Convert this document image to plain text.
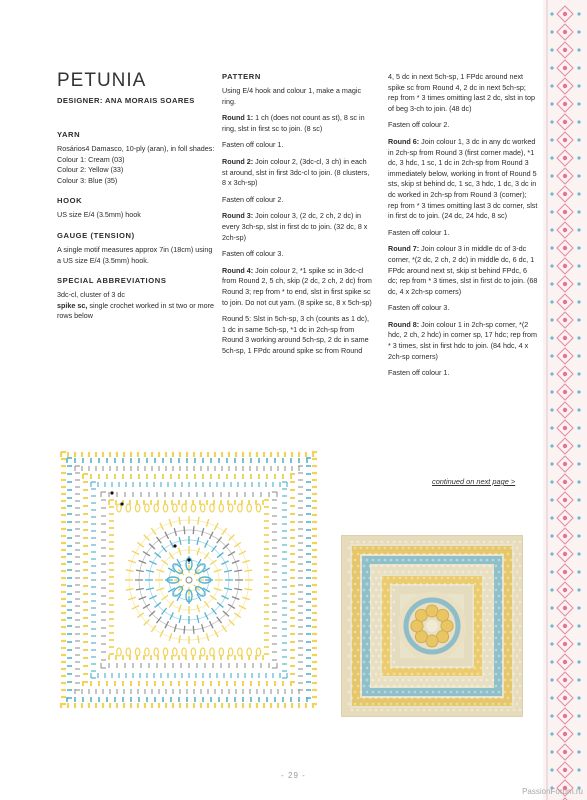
PETUNIA
DESIGNER: ANA MORAIS SOARES
YARN
Rosários4 Damasco, 10-ply (aran), in foll shades:
Colour 1: Cream (03)
Colour 2: Yellow (33)
Colour 3: Blue (35)
HOOK
US size E/4 (3.5mm) hook
GAUGE (TENSION)
A single motif measures approx 7in (18cm) using a US size E/4 (3.5mm) hook.
SPECIAL ABBREVIATIONS
3dc-cl, cluster of 3 dc
spike sc, single crochet worked in st two or more rows below
PATTERN

Using E/4 hook and colour 1, make a magic ring.

Round 1: 1 ch (does not count as st), 8 sc in ring, slst in first sc to join. (8 sc)

Fasten off colour 1.

Round 2: Join colour 2, (3dc-cl, 3 ch) in each st around, slst in first 3dc-cl to join. (8 clusters, 8 x 3ch-sp)

Fasten off colour 2.

Round 3: Join colour 3, (2 dc, 2 ch, 2 dc) in every 3ch-sp, slst in first dc to join. (32 dc, 8 x 2ch-sp)

Fasten off colour 3.

Round 4: Join colour 2, *1 spike sc in 3dc-cl from Round 2, 5 ch, skip (2 dc, 2 ch, 2 dc) from Round 3; rep from * to end, slst in first spike sc to join. Do not cut yarn. (8 spike sc, 8 x 5ch-sp)

Round 5: Slst in 5ch-sp, 3 ch (counts as 1 dc), 1 dc in same 5ch-sp, *1 dc in 2ch-sp from Round 3 working around 5ch-sp, 2 dc in same 5ch-sp, 1 FPdc around spike sc from Round

4, 5 dc in next 5ch-sp, 1 FPdc around next spike sc from Round 4, 2 dc in next 5ch-sp; rep from * 3 times omitting last 2 dc, slst in top of beg 3-ch to join. (48 dc)

Fasten off colour 2.

Round 6: Join colour 1, 3 dc in any dc worked in 2ch-sp from Round 3 (first corner made), *1 dc, 3 hdc, 1 sc, 1 dc in 2ch-sp from Round 3 immediately below, working in front of Round 5 sts, skip st behind dc, 1 sc, 3 hdc, 1 dc, 3 dc in dc worked in 2ch-sp from Round 3 (corner); rep from * 3 times omitting last 3 dc corner, slst in first dc to join. (24 dc, 24 hdc, 8 sc)

Fasten off colour 1.

Round 7: Join colour 3 in middle dc of 3-dc corner, *(2 dc, 2 ch, 2 dc) in middle dc, 6 dc, 1 FPdc around next st, skip st behind FPdc, 6 dc; rep from * 3 times, slst in first dc to join. (68 dc, 4 x 2ch-sp corners)

Fasten off colour 3.

Round 8: Join colour 1 in 2ch-sp corner, *(2 hdc, 2 ch, 2 hdc) in corner sp, 17 hdc; rep from * 3 times, slst in first hdc to join. (84 hdc, 4 x 2ch-sp corners)

Fasten off colour 1.

continued on next page >
- 29 -
PassionForum.ru
